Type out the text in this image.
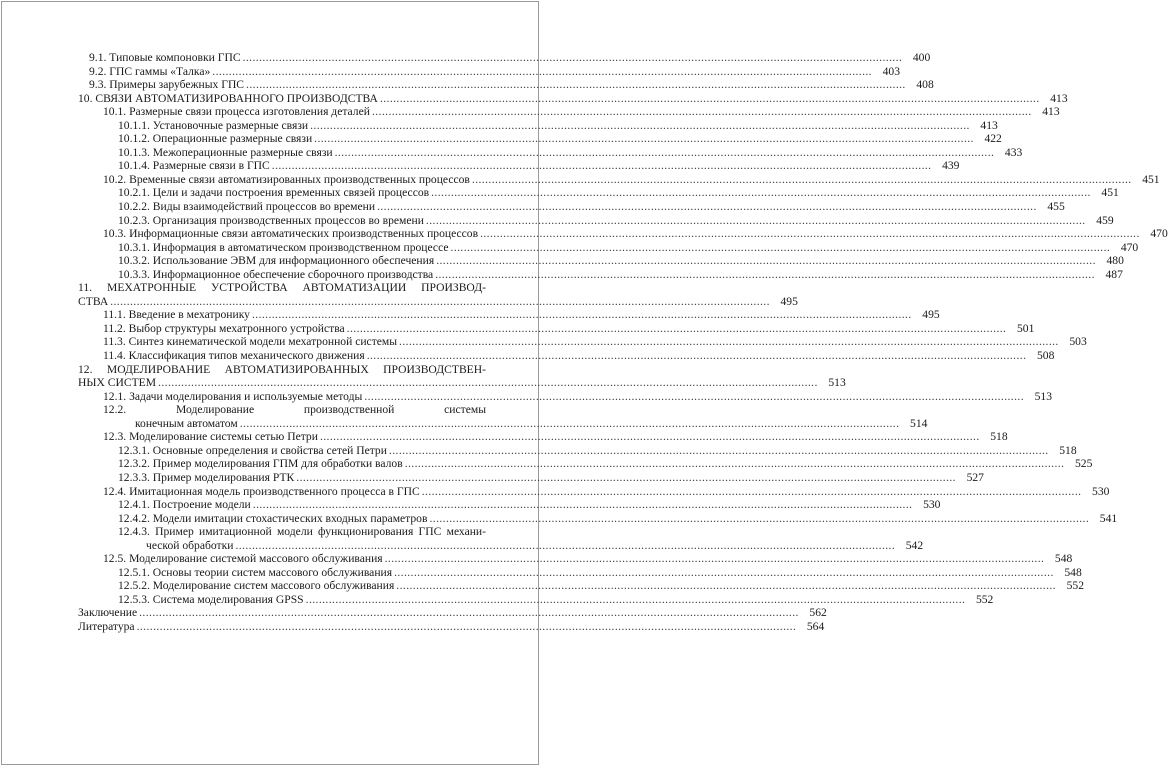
9.1. Типовые компоновки ГПС .....	400
9.2. ГПС гаммы «Талка» .....	403
9.3. Примеры зарубежных ГПС .....	408
10. СВЯЗИ АВТОМАТИЗИРОВАННОГО ПРОИЗВОДСТВА .....	413
10.1. Размерные связи процесса изготовления деталей .....	413
10.1.1. Установочные размерные связи .....	413
10.1.2. Операционные размерные связи .....	422
10.1.3. Межоперационные размерные связи .....	433
10.1.4. Размерные связи в ГПС .....	439
10.2. Временные связи автоматизированных производственных процессов .....	451
10.2.1. Цели и задачи построения временных связей процессов .....	451
10.2.2. Виды взаимодействий процессов во времени .....	455
10.2.3. Организация производственных процессов во времени .....	459
10.3. Информационные связи автоматических производственных процессов .....	470
10.3.1. Информация в автоматическом производственном процессе .....	470
10.3.2. Использование ЭВМ для информационного обеспечения .....	480
10.3.3. Информационное обеспечение сборочного производства .....	487
11. МЕХАТРОННЫЕ УСТРОЙСТВА АВТОМАТИЗАЦИИ ПРОИЗВОД-
СТВА .....	495
11.1. Введение в мехатронику .....	495
11.2. Выбор структуры мехатронного устройства .....	501
11.3. Синтез кинематической модели мехатронной системы .....	503
11.4. Классификация типов механического движения .....	508
12. МОДЕЛИРОВАНИЕ АВТОМАТИЗИРОВАННЫХ ПРОИЗВОДСТВЕН-
НЫХ СИСТЕМ .....	513
12.1. Задачи моделирования и используемые методы .....	513
12.2. Моделирование производственной системы
конечным автоматом .....	514
12.3. Моделирование системы сетью Петри .....	518
12.3.1. Основные определения и свойства сетей Петри .....	518
12.3.2. Пример моделирования ГПМ для обработки валов .....	525
12.3.3. Пример моделирования РТК .....	527
12.4. Имитационная модель производственного процесса в ГПС .....	530
12.4.1. Построение модели .....	530
12.4.2. Модели имитации стохастических входных параметров .....	541
12.4.3. Пример имитационной модели функционирования ГПС механи-
ческой обработки .....	542
12.5. Моделирование системой массового обслуживания .....	548
12.5.1. Основы теории систем массового обслуживания .....	548
12.5.2. Моделирование систем массового обслуживания .....	552
12.5.3. Система моделирования GPSS .....	552
Заключение .....	562
Литература .....	564
